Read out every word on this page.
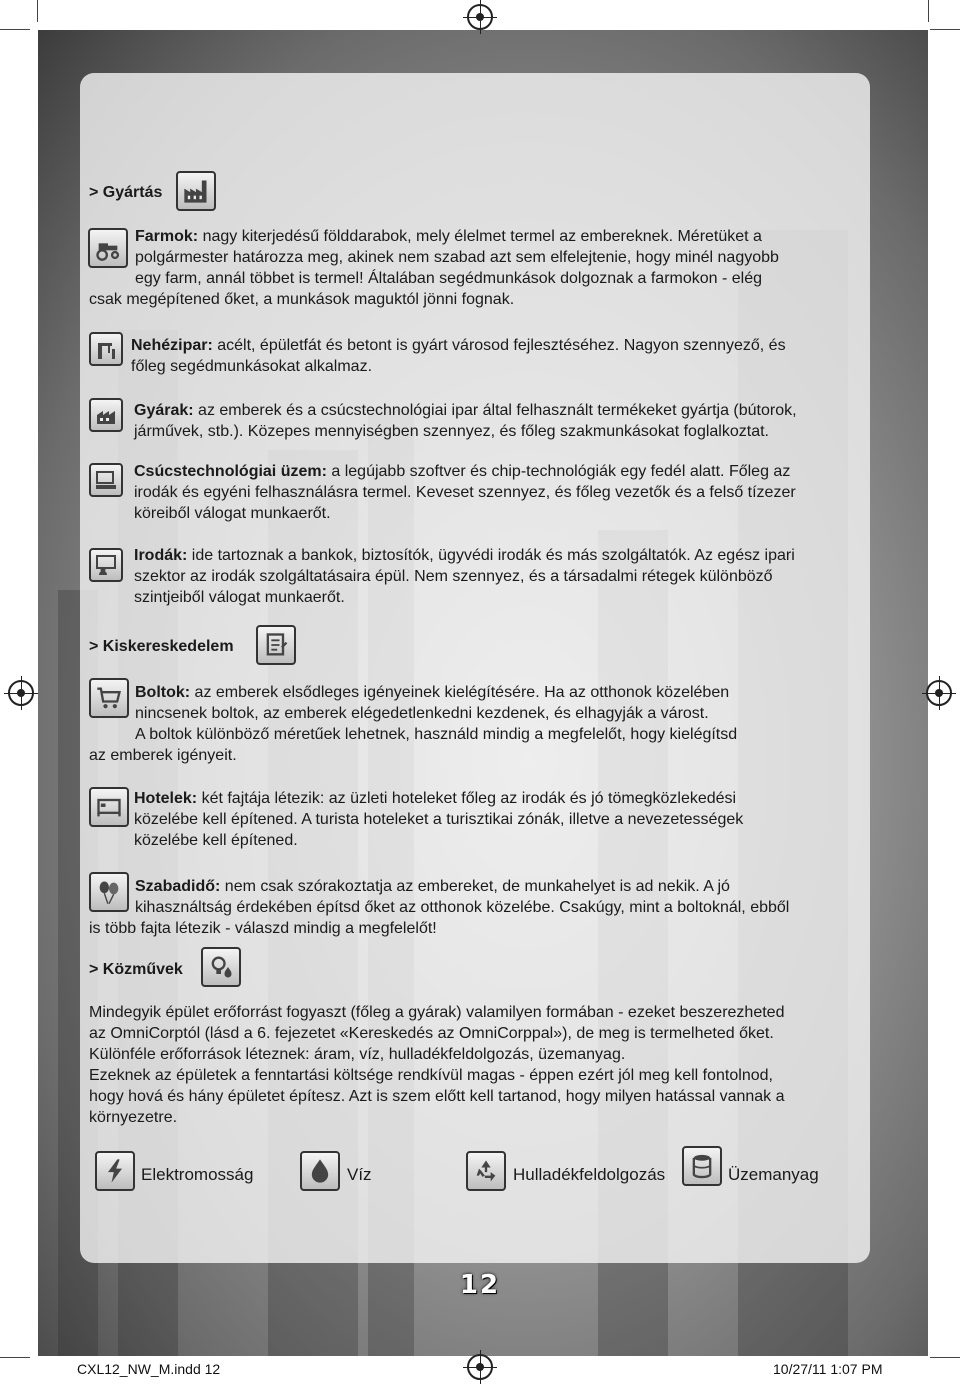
> Gyártás

Farmok: nagy kiterjedésű földdarabok, mely élelmet termel az embereknek. Méretüket a

polgármester határozza meg, akinek nem szabad azt sem elfelejtenie, hogy minél nagyobb

egy farm, annál többet is termel! Általában segédmunkások dolgoznak a farmokon - elég

csak megépítened őket, a munkások maguktól jönni fognak.

Nehézipar: acélt, épületfát és betont is gyárt városod fejlesztéséhez. Nagyon szennyező, és

főleg segédmunkásokat alkalmaz.

Gyárak: az emberek és a csúcstechnológiai ipar által felhasznált termékeket gyártja (bútorok,

járművek, stb.). Közepes mennyiségben szennyez, és főleg szakmunkásokat foglalkoztat.

Csúcstechnológiai üzem: a legújabb szoftver és chip-technológiák egy fedél alatt. Főleg az

irodák és egyéni felhasználásra termel. Keveset szennyez, és főleg vezetők és a felső tízezer

köreiből válogat munkaerőt.

Irodák: ide tartoznak a bankok, biztosítók, ügyvédi irodák és más szolgáltatók. Az egész ipari

szektor az irodák szolgáltatásaira épül. Nem szennyez, és a társadalmi rétegek különböző

szintjeiből válogat munkaerőt.

> Kiskereskedelem

Boltok: az emberek elsődleges igényeinek kielégítésére. Ha az otthonok közelében

nincsenek boltok, az emberek elégedetlenkedni kezdenek, és elhagyják a várost.

A boltok különböző méretűek lehetnek, használd mindig a megfelelőt, hogy kielégítsd

az emberek igényeit.

Hotelek: két fajtája létezik: az üzleti hoteleket főleg az irodák és jó tömegközlekedési

közelébe kell építened. A turista hoteleket a turisztikai zónák, illetve a nevezetességek

közelébe kell építened.

Szabadidő: nem csak szórakoztatja az embereket, de munkahelyet is ad nekik. A jó

kihasználtság érdekében építsd őket az otthonok közelébe. Csakúgy, mint a boltoknál, ebből

is több fajta létezik - válaszd mindig a megfelelőt!

> Közművek

Mindegyik épület erőforrást fogyaszt (főleg a gyárak) valamilyen formában - ezeket beszerezheted

az OmniCorptól (lásd a 6. fejezetet «Kereskedés az OmniCorppal»), de meg is termelheted őket.

Különféle erőforrások léteznek: áram, víz, hulladékfeldolgozás, üzemanyag.

Ezeknek az épületek a fenntartási költsége rendkívül magas - éppen ezért jól meg kell fontolnod,

hogy hová és hány épületet építesz. Azt is szem előtt kell tartanod, hogy milyen hatással vannak a

környezetre.

Elektromosság	Víz	Hulladékfeldolgozás	Üzemanyag
12
CXL12_NW_M.indd 12	10/27/11 1:07 PM
